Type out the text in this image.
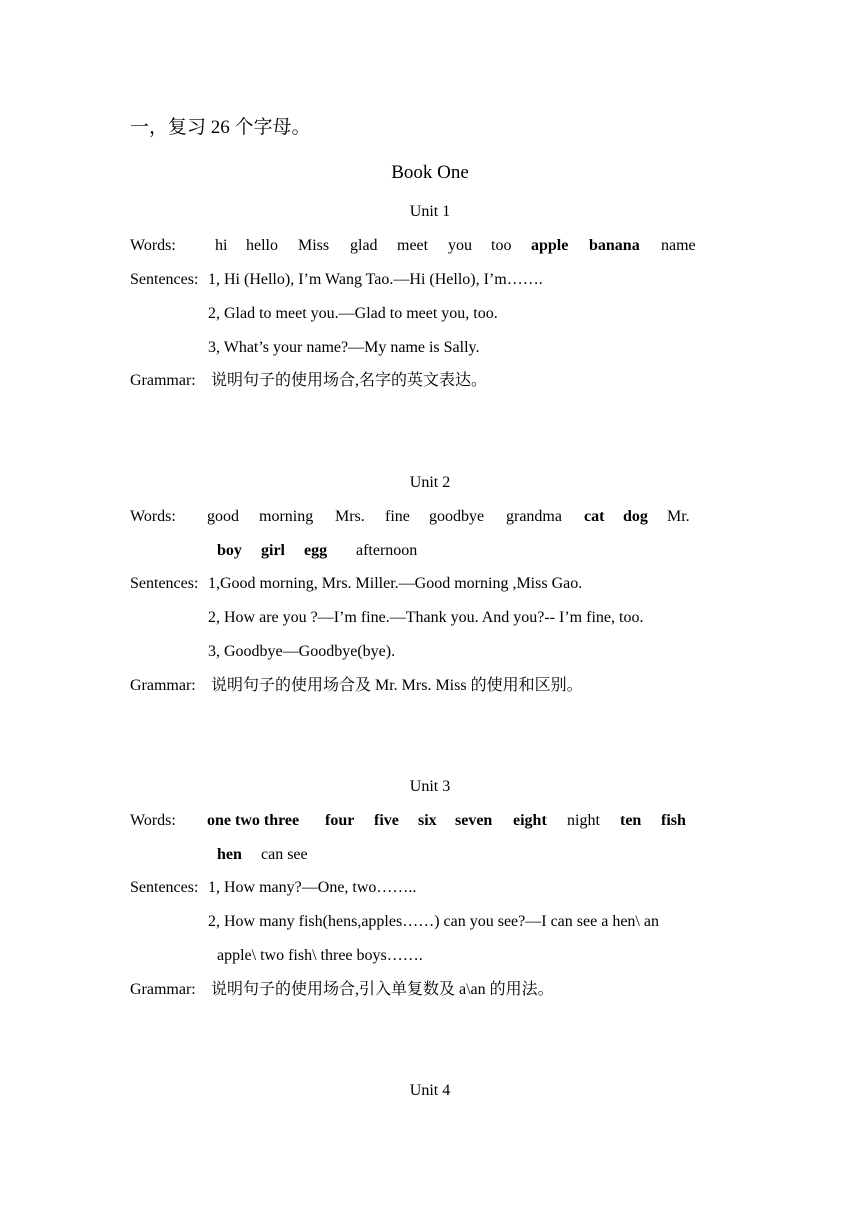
一，复习 26 个字母。
Book One
Unit 1
Words: hi hello Miss glad meet you too apple banana name
Sentences: 1, Hi (Hello), I’m Wang Tao.—Hi (Hello), I’m…….
2, Glad to meet you.—Glad to meet you, too.
3, What’s your name?—My name is Sally.
Grammar: 说明句子的使用场合,名字的英文表达。
Unit 2
Words: good morning Mrs. fine goodbye grandma cat dog Mr.
boy girl egg afternoon
Sentences: 1,Good morning, Mrs. Miller.—Good morning ,Miss Gao.
2, How are you ?—I’m fine.—Thank you. And you?-- I’m fine, too.
3, Goodbye—Goodbye(bye).
Grammar: 说明句子的使用场合及 Mr. Mrs. Miss 的使用和区别。
Unit 3
Words: one two three four five six seven eight night ten fish
hen can see
Sentences: 1, How many?—One, two……..
2, How many fish(hens,apples……) can you see?—I can see a hen\ an
apple\ two fish\ three boys…….
Grammar: 说明句子的使用场合,引入单复数及 a\an 的用法。
Unit 4
